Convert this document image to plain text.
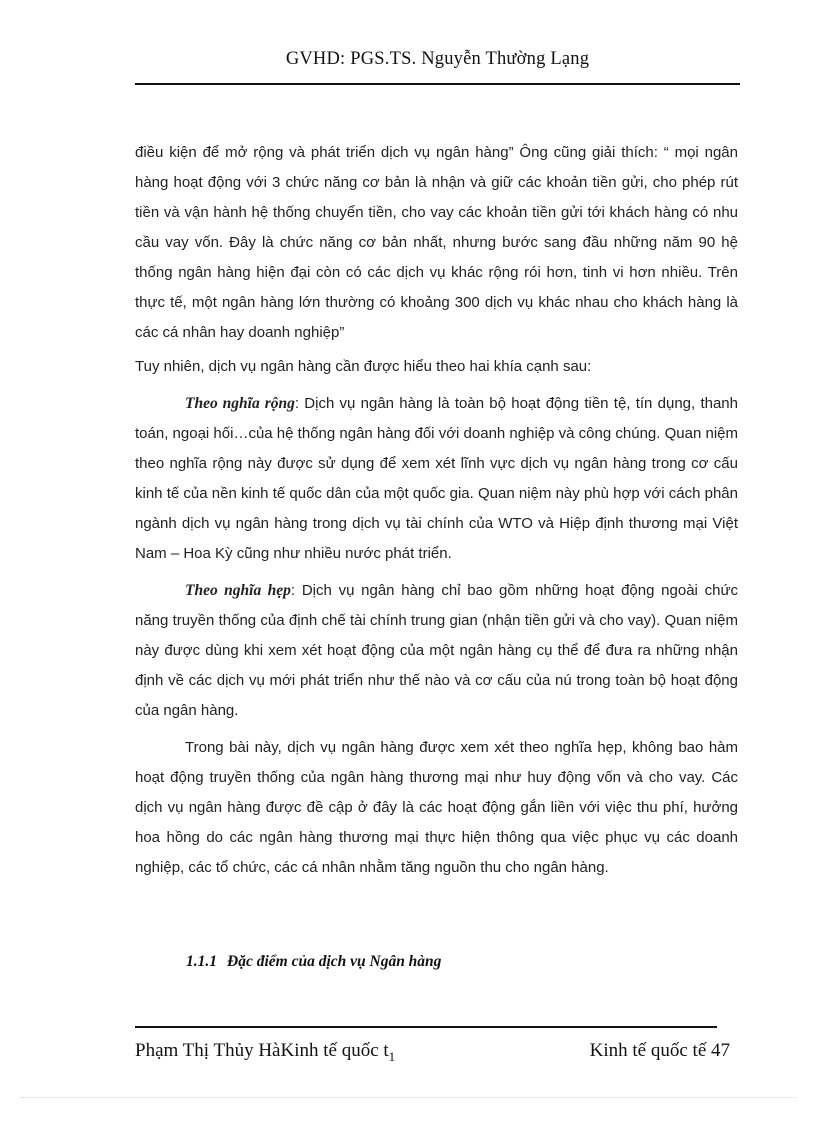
GVHD: PGS.TS. Nguyễn Thường Lạng

điều kiện để mở rộng và phát triển dịch vụ ngân hàng” Ông cũng giải thích: “ mọi ngân hàng hoạt động với 3 chức năng cơ bản là nhận và giữ các khoản tiền gửi, cho phép rút tiền và vận hành hệ thống chuyển tiền, cho vay các khoản tiền gửi tới khách hàng có nhu cầu vay vốn. Đây là chức năng cơ bản nhất, nhưng bước sang đầu những năm 90 hệ thống ngân hàng hiện đại còn có các dịch vụ khác rộng rói hơn, tinh vi hơn nhiều. Trên thực tế, một ngân hàng lớn thường có khoảng 300 dịch vụ khác nhau cho khách hàng là các cá nhân hay doanh nghiệp”

Tuy nhiên, dịch vụ ngân hàng cần được hiểu theo hai khía cạnh sau:

Theo nghĩa rộng: Dịch vụ ngân hàng là toàn bộ hoạt động tiền tệ, tín dụng, thanh toán, ngoại hối…của hệ thống ngân hàng đối với doanh nghiệp và công chúng. Quan niệm theo nghĩa rộng này được sử dụng để xem xét lĩnh vực dịch vụ ngân hàng trong cơ cấu kinh tế của nền kinh tế quốc dân của một quốc gia. Quan niệm này phù hợp với cách phân ngành dịch vụ ngân hàng trong dịch vụ tài chính của WTO và Hiệp định thương mại Việt Nam – Hoa Kỳ cũng như nhiều nước phát triển.

Theo nghĩa hẹp: Dịch vụ ngân hàng chỉ bao gồm những hoạt động ngoài chức năng truyền thống của định chế tài chính trung gian (nhận tiền gửi và cho vay). Quan niệm này được dùng khi xem xét hoạt động của một ngân hàng cụ thể để đưa ra những nhận định về các dịch vụ mới phát triển như thế nào và cơ cấu của nú trong toàn bộ hoạt động của ngân hàng.

Trong bài này, dịch vụ ngân hàng được xem xét theo nghĩa hẹp, không bao hàm hoạt động truyền thống của ngân hàng thương mại như huy động vốn và cho vay. Các dịch vụ ngân hàng được đề cập ở đây là các hoạt động gắn liền với việc thu phí, hưởng hoa hồng do các ngân hàng thương mại thực hiện thông qua việc phục vụ các doanh nghiệp, các tổ chức, các cá nhân nhằm tăng nguồn thu cho ngân hàng.

1.1.1 Đặc điểm của dịch vụ Ngân hàng
Phạm Thị Thủy HàKinh tế quốc $t_1$	Kinh tế quốc tế 47
